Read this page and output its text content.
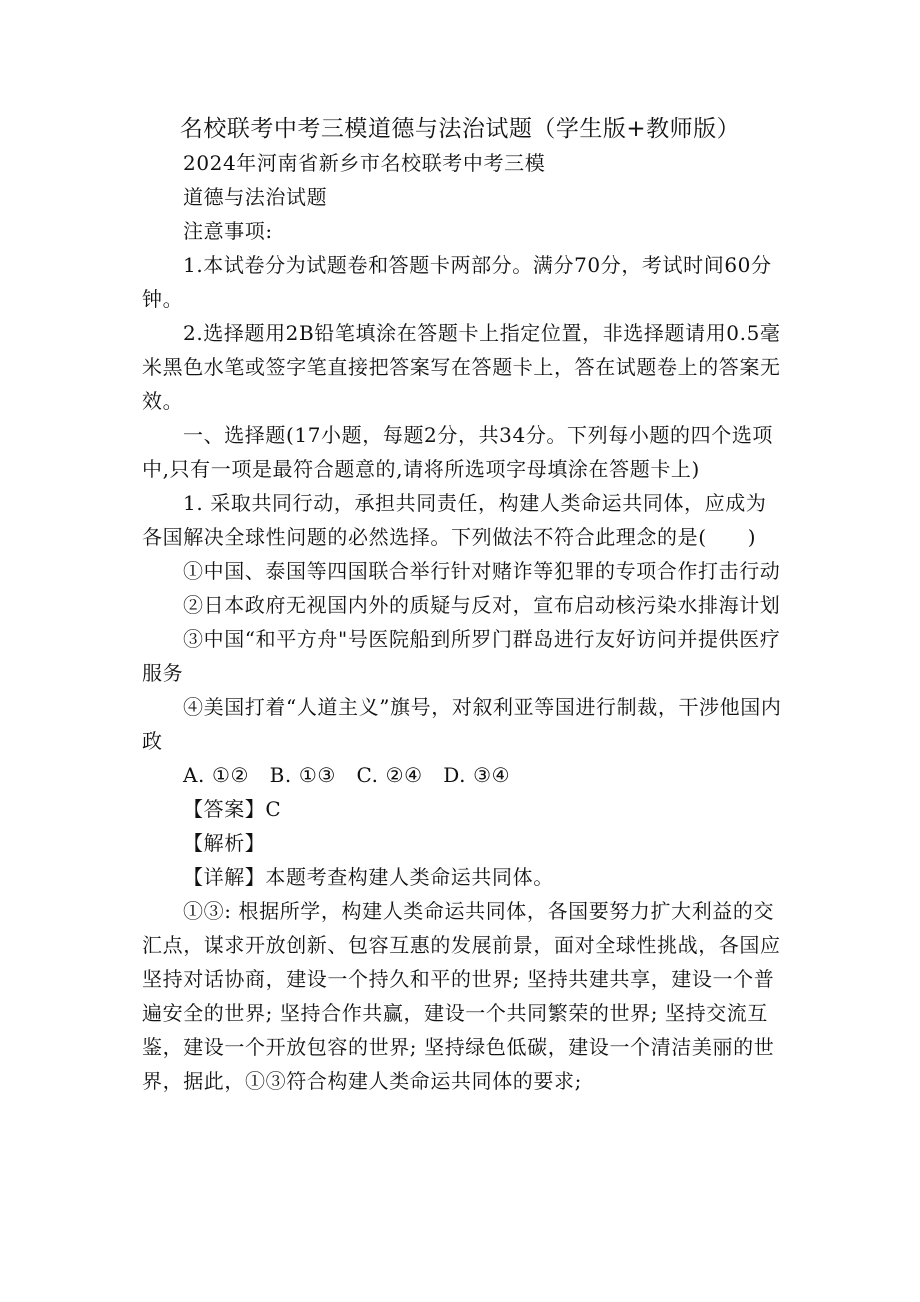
名校联考中考三模道德与法治试题（学生版+教师版）

2024年河南省新乡市名校联考中考三模

道德与法治试题

注意事项:

1.本试卷分为试题卷和答题卡两部分。满分70分，考试时间60分钟。

2.选择题用2B铅笔填涂在答题卡上指定位置，非选择题请用0.5毫米黑色水笔或签字笔直接把答案写在答题卡上，答在试题卷上的答案无效。

一、选择题(17小题，每题2分，共34分。下列每小题的四个选项中,只有一项是最符合题意的,请将所选项字母填涂在答题卡上)

1. 采取共同行动，承担共同责任，构建人类命运共同体，应成为各国解决全球性问题的必然选择。下列做法不符合此理念的是(　　)

①中国、泰国等四国联合举行针对赌诈等犯罪的专项合作打击行动

②日本政府无视国内外的质疑与反对，宣布启动核污染水排海计划

③中国“和平方舟"号医院船到所罗门群岛进行友好访问并提供医疗服务

④美国打着“人道主义”旗号，对叙利亚等国进行制裁，干涉他国内政

A. ①②　B. ①③　C. ②④　D. ③④

【答案】C

【解析】

【详解】本题考查构建人类命运共同体。

①③: 根据所学，构建人类命运共同体，各国要努力扩大利益的交汇点，谋求开放创新、包容互惠的发展前景，面对全球性挑战，各国应坚持对话协商，建设一个持久和平的世界; 坚持共建共享，建设一个普遍安全的世界; 坚持合作共赢，建设一个共同繁荣的世界; 坚持交流互鉴，建设一个开放包容的世界; 坚持绿色低碳，建设一个清洁美丽的世界，据此，①③符合构建人类命运共同体的要求;
